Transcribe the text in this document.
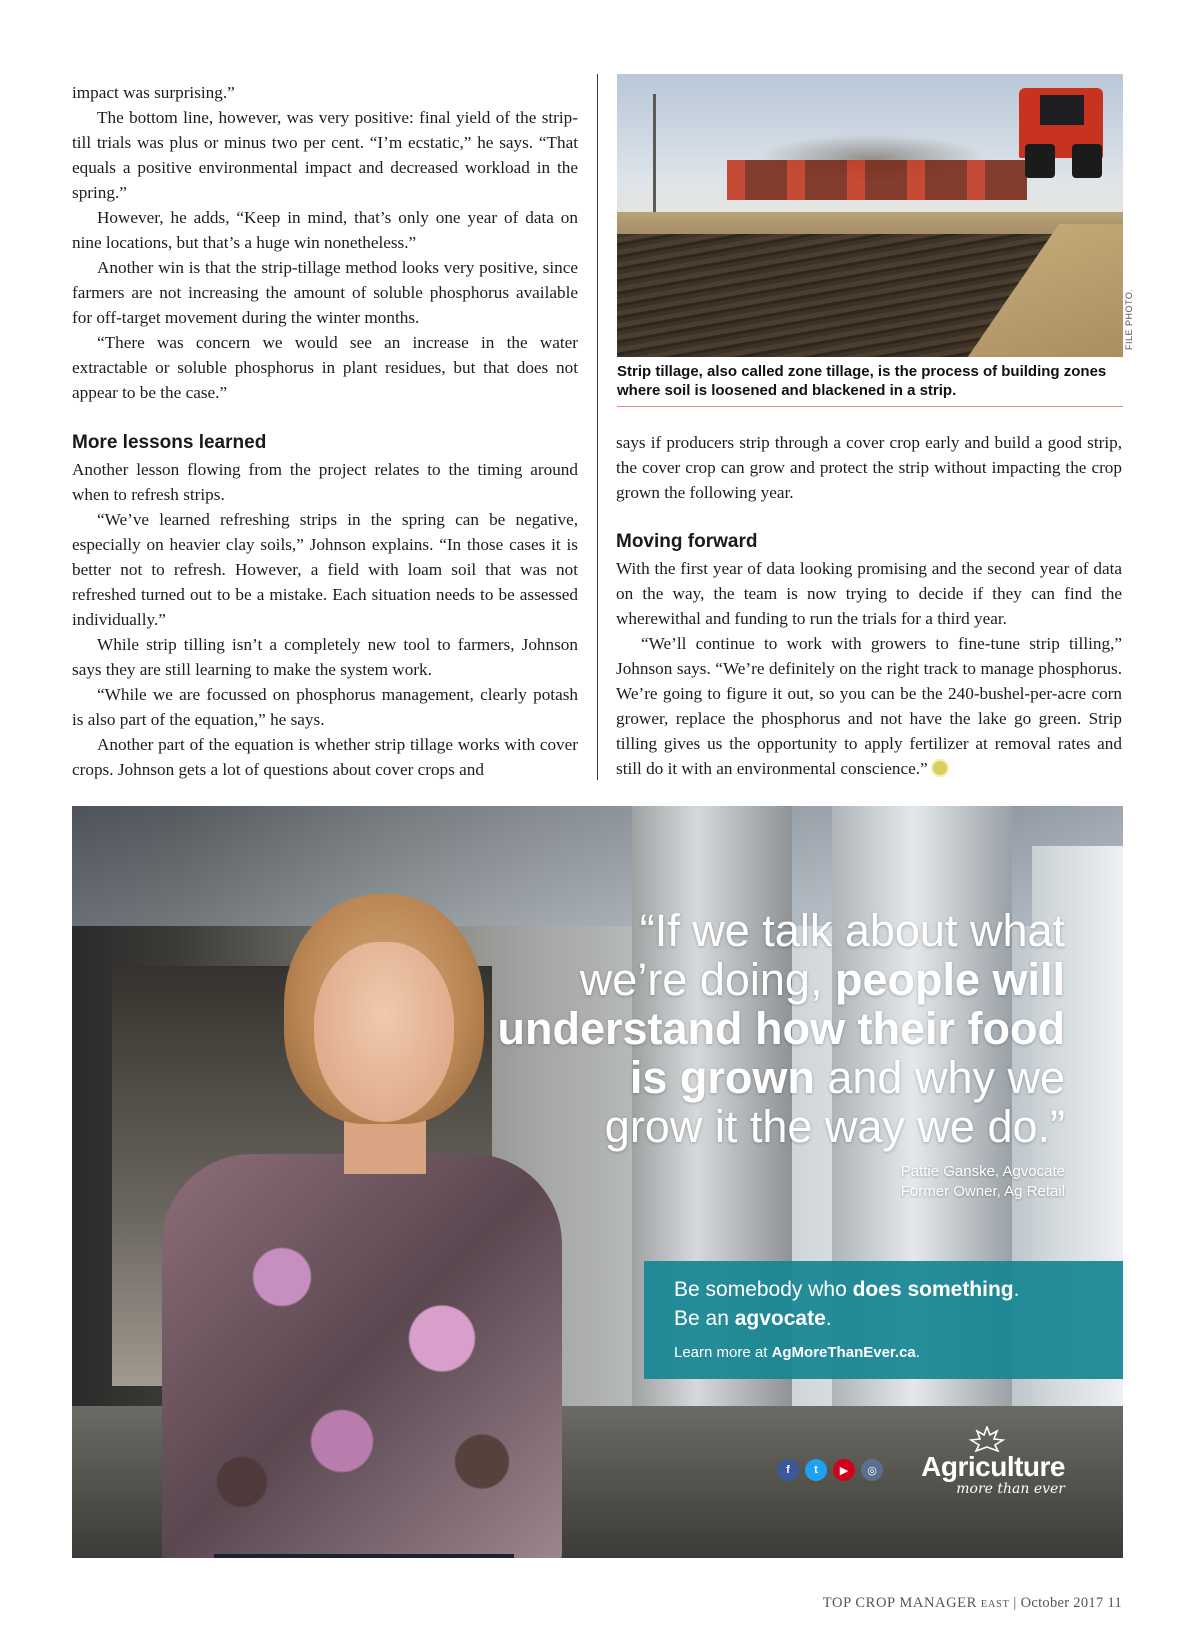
impact was surprising.”

The bottom line, however, was very positive: final yield of the strip-till trials was plus or minus two per cent. “I’m ecstatic,” he says. “That equals a positive environmental impact and decreased workload in the spring.”

However, he adds, “Keep in mind, that’s only one year of data on nine locations, but that’s a huge win nonetheless.”

Another win is that the strip-tillage method looks very positive, since farmers are not increasing the amount of soluble phosphorus available for off-target movement during the winter months.

“There was concern we would see an increase in the water extractable or soluble phosphorus in plant residues, but that does not appear to be the case.”

More lessons learned

Another lesson flowing from the project relates to the timing around when to refresh strips.

“We’ve learned refreshing strips in the spring can be negative, especially on heavier clay soils,” Johnson explains. “In those cases it is better not to refresh. However, a field with loam soil that was not refreshed turned out to be a mistake. Each situation needs to be assessed individually.”

While strip tilling isn’t a completely new tool to farmers, Johnson says they are still learning to make the system work.

“While we are focussed on phosphorus management, clearly potash is also part of the equation,” he says.

Another part of the equation is whether strip tillage works with cover crops. Johnson gets a lot of questions about cover crops and

FILE PHOTO.
Strip tillage, also called zone tillage, is the process of building zones where soil is loosened and blackened in a strip.

says if producers strip through a cover crop early and build a good strip, the cover crop can grow and protect the strip without impacting the crop grown the following year.

Moving forward

With the first year of data looking promising and the second year of data on the way, the team is now trying to decide if they can find the wherewithal and funding to run the trials for a third year.

“We’ll continue to work with growers to fine-tune strip tilling,” Johnson says. “We’re definitely on the right track to manage phosphorus. We’re going to figure it out, so you can be the 240-bushel-per-acre corn grower, replace the phosphorus and not have the lake go green. Strip tilling gives us the opportunity to apply fertilizer at removal rates and still do it with an environmental conscience.”

“If we talk about what
we’re doing, people will
understand how their food
is grown and why we
grow it the way we do.”
Pattie Ganske, Agvocate
Former Owner, Ag Retail
Be somebody who does something.
Be an agvocate.
Learn more at AgMoreThanEver.ca.
f	t	▶	◎ Agriculture
more than ever
TOP CROP MANAGER EAST | October 2017 11
